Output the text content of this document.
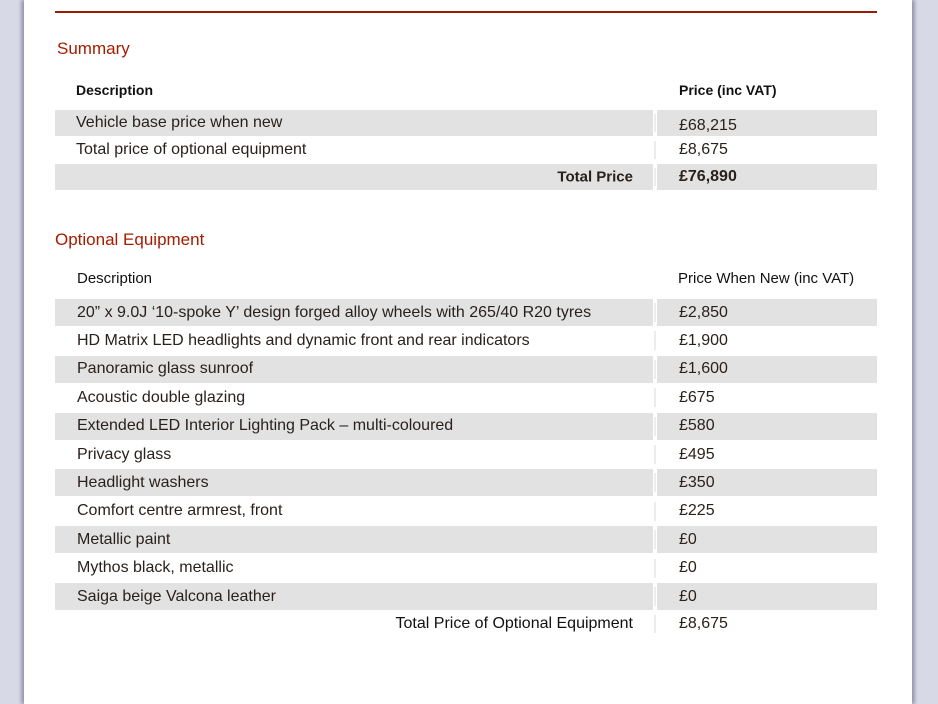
Summary
Description	Price (inc VAT)
Vehicle base price when new	£68,215
Total price of optional equipment	£8,675
Total Price	£76,890
Optional Equipment
Description	Price When New (inc VAT)
20” x 9.0J ‘10-spoke Y’ design forged alloy wheels with 265/40 R20 tyres	£2,850
HD Matrix LED headlights and dynamic front and rear indicators	£1,900
Panoramic glass sunroof	£1,600
Acoustic double glazing	£675
Extended LED Interior Lighting Pack – multi-coloured	£580
Privacy glass	£495
Headlight washers	£350
Comfort centre armrest, front	£225
Metallic paint	£0
Mythos black, metallic	£0
Saiga beige Valcona leather	£0
Total Price of Optional Equipment	£8,675
